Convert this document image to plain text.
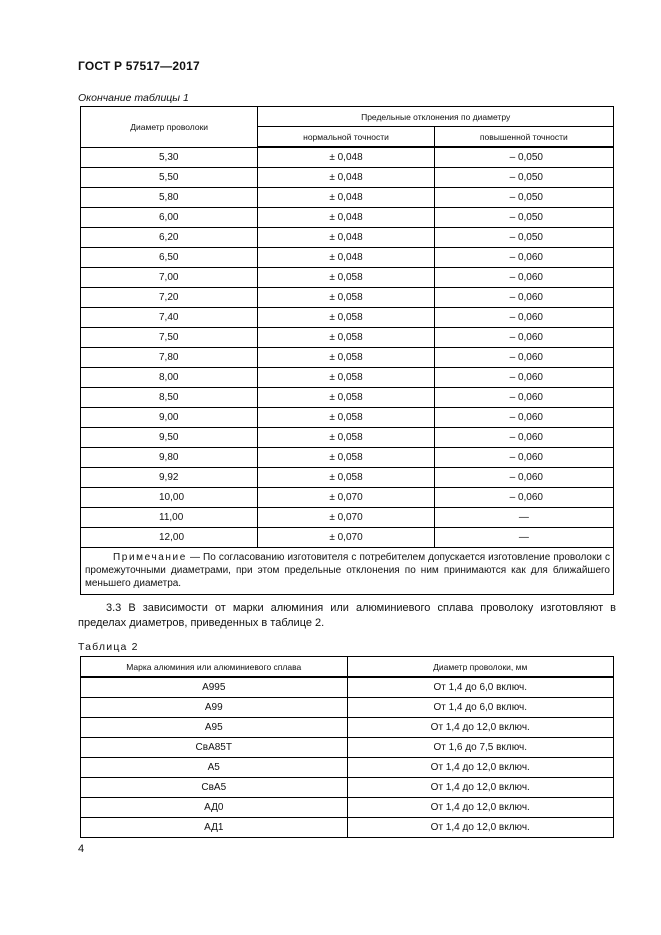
ГОСТ Р 57517—2017
Окончание таблицы 1
Диаметр проволоки	Предельные отклонения по диаметру	
	нормальной точности	повышенной точности
5,30	± 0,048	– 0,050
5,50	± 0,048	– 0,050
5,80	± 0,048	– 0,050
6,00	± 0,048	– 0,050
6,20	± 0,048	– 0,050
6,50	± 0,048	– 0,060
7,00	± 0,058	– 0,060
7,20	± 0,058	– 0,060
7,40	± 0,058	– 0,060
7,50	± 0,058	– 0,060
7,80	± 0,058	– 0,060
8,00	± 0,058	– 0,060
8,50	± 0,058	– 0,060
9,00	± 0,058	– 0,060
9,50	± 0,058	– 0,060
9,80	± 0,058	– 0,060
9,92	± 0,058	– 0,060
10,00	± 0,070	– 0,060
11,00	± 0,070	—
12,00	± 0,070	—
Примечание — По согласованию изготовителя с потребителем допускается изготовление проволоки с промежуточными диаметрами, при этом предельные отклонения по ним принимаются как для ближайшего меньшего диаметра.		

3.3 В зависимости от марки алюминия или алюминиевого сплава проволоку изготовляют в пределах диаметров, приведенных в таблице 2.

Таблица 2
Марка алюминия или алюминиевого сплава	Диаметр проволоки, мм
А995	От 1,4 до 6,0 включ.
А99	От 1,4 до 6,0 включ.
А95	От 1,4 до 12,0 включ.
СвА85Т	От 1,6 до 7,5 включ.
А5	От 1,4 до 12,0 включ.
СвА5	От 1,4 до 12,0 включ.
АД0	От 1,4 до 12,0 включ.
АД1	От 1,4 до 12,0 включ.
4
